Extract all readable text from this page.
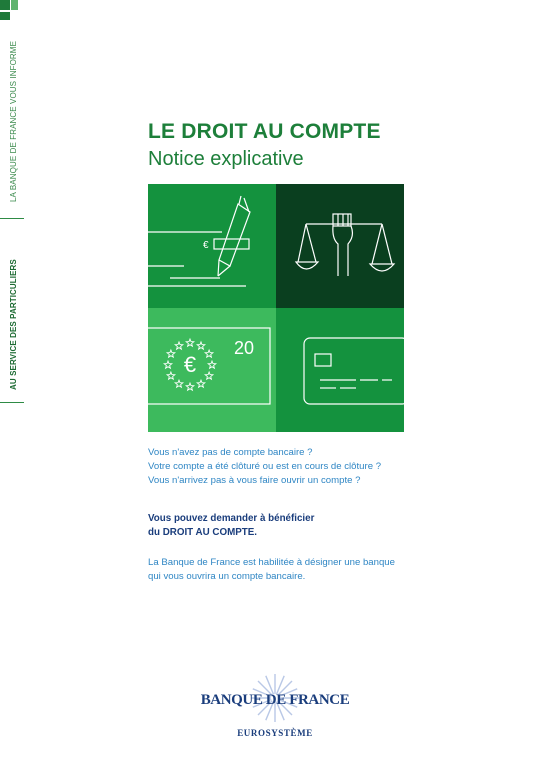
LA BANQUE DE FRANCE VOUS INFORME
AU SERVICE DES PARTICULIERS
LE DROIT AU COMPTE
Notice explicative
€
20
20
€
Vous n'avez pas de compte bancaire ?
Votre compte a été clôturé ou est en cours de clôture ?
Vous n'arrivez pas à vous faire ouvrir un compte ?
Vous pouvez demander à bénéficier
du DROIT AU COMPTE.
La Banque de France est habilitée à désigner une banque
qui vous ouvrira un compte bancaire.
BANQUE DE FRANCE
EUROSYSTÈME
